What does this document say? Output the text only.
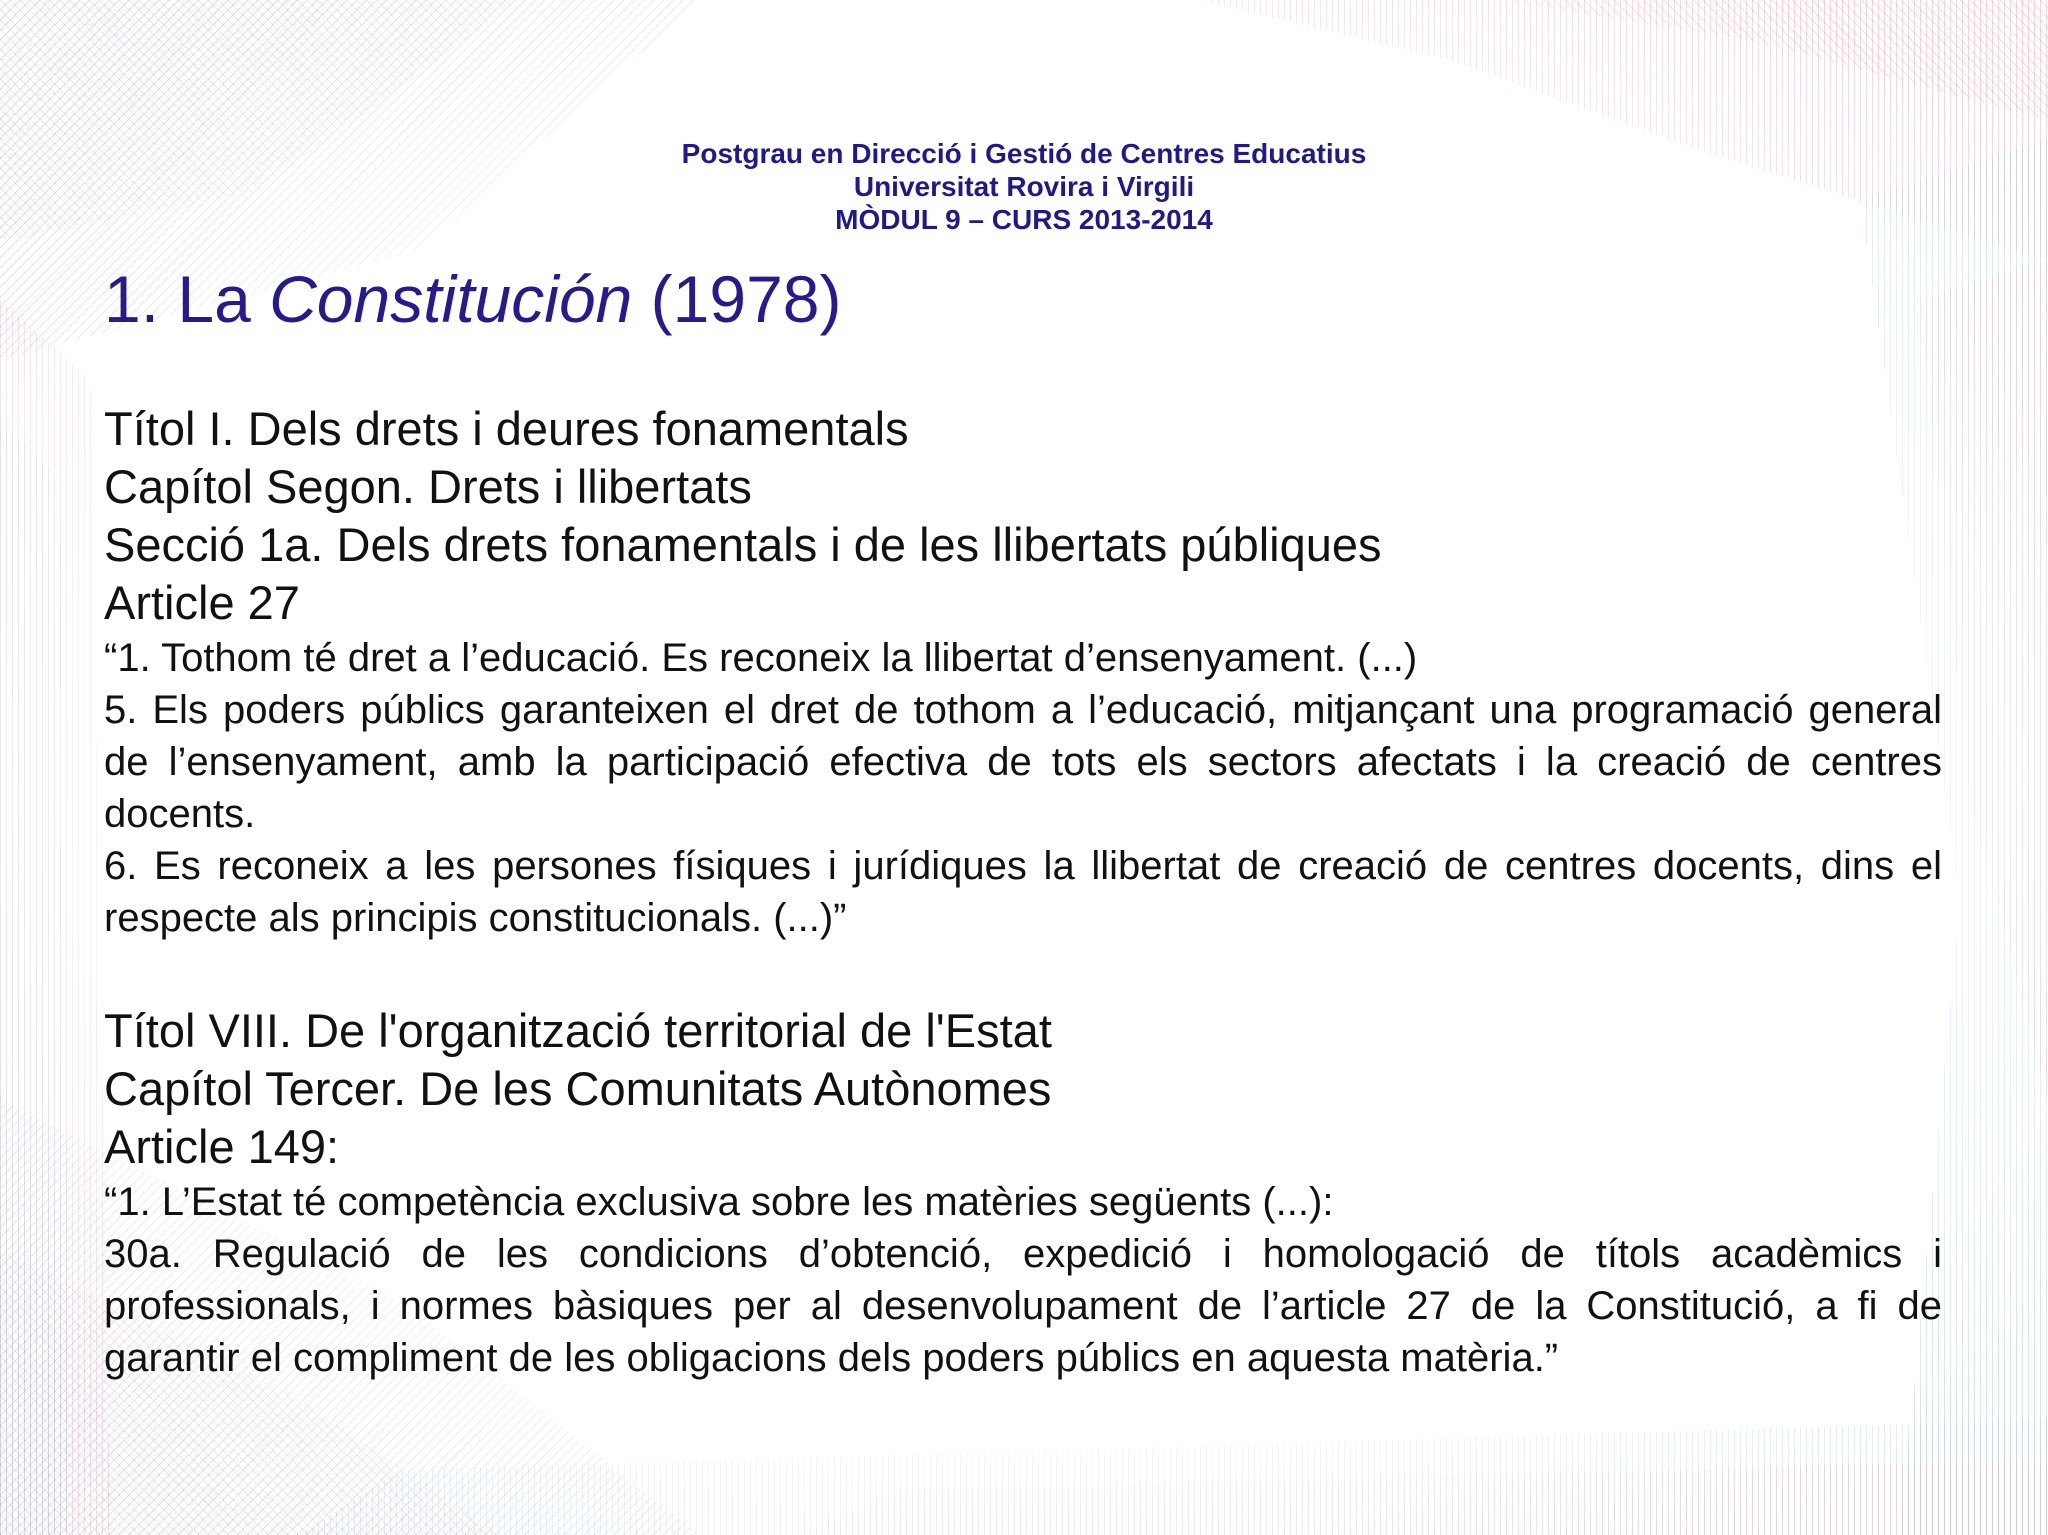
Postgrau en Direcció i Gestió de Centres Educatius
Universitat Rovira i Virgili
MÒDUL 9 – CURS 2013-2014
1. La Constitución (1978)

Títol I. Dels drets i deures fonamentals

Capítol Segon. Drets i llibertats

Secció 1a. Dels drets fonamentals i de les llibertats públiques

Article 27

“1. Tothom té dret a l’educació. Es reconeix la llibertat d’ensenyament. (...)

5. Els poders públics garanteixen el dret de tothom a l’educació, mitjançant una programació general de l’ensenyament, amb la participació efectiva de tots els sectors afectats i la creació de centres docents.

6. Es reconeix a les persones físiques i jurídiques la llibertat de creació de centres docents, dins el respecte als principis constitucionals. (...)”

Títol VIII. De l'organització territorial de l'Estat

Capítol Tercer. De les Comunitats Autònomes

Article 149:

“1. L’Estat té competència exclusiva sobre les matèries següents (...):

30a. Regulació de les condicions d’obtenció, expedició i homologació de títols acadèmics i professionals, i normes bàsiques per al desenvolupament de l’article 27 de la Constitució, a fi de garantir el compliment de les obligacions dels poders públics en aquesta matèria.”
